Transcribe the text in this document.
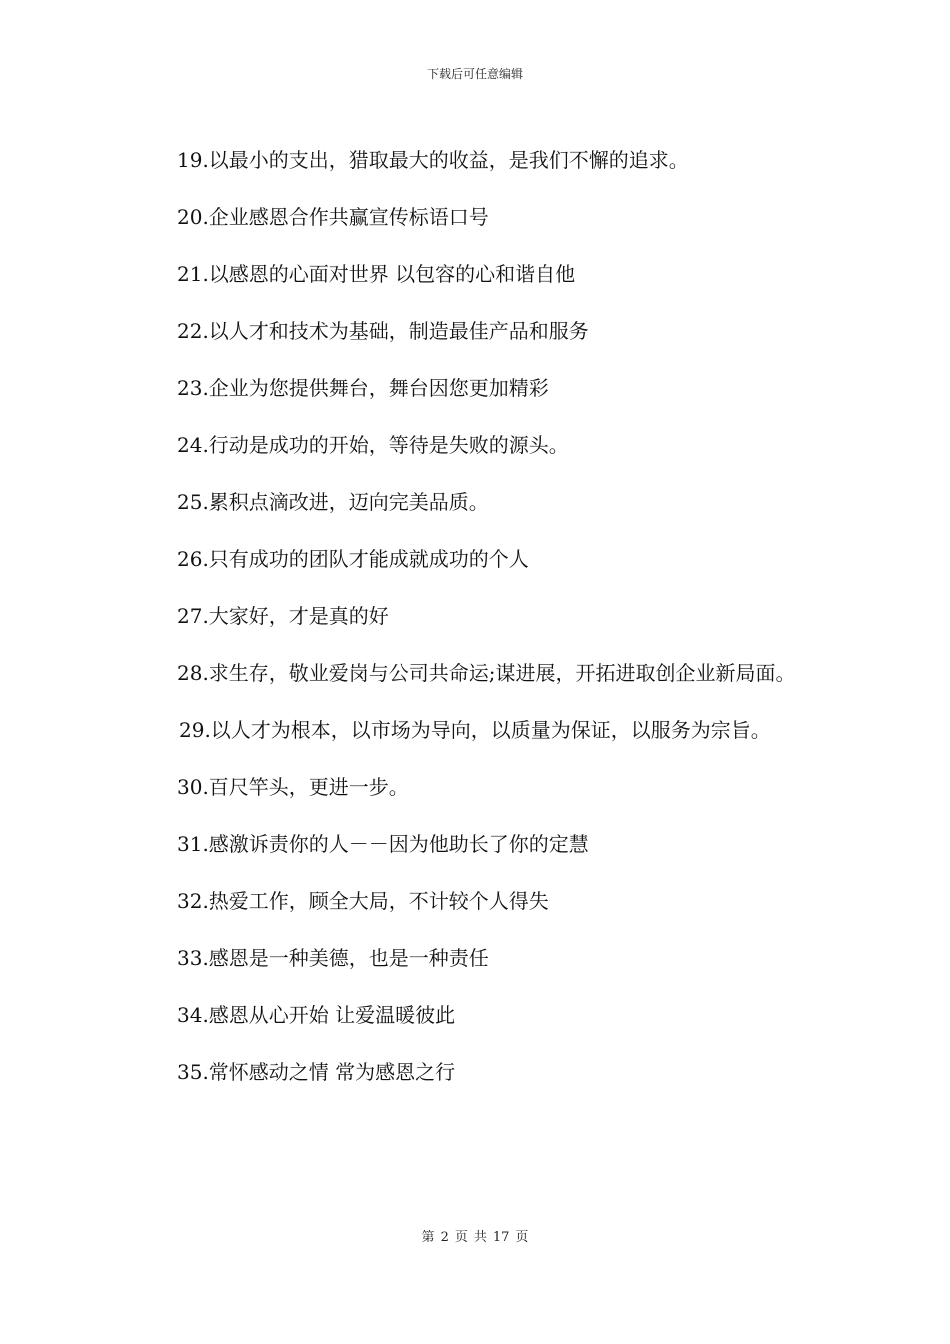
下载后可任意编辑
19.以最小的支出，猎取最大的收益，是我们不懈的追求。
20.企业感恩合作共赢宣传标语口号
21.以感恩的心面对世界 以包容的心和谐自他
22.以人才和技术为基础，制造最佳产品和服务
23.企业为您提供舞台，舞台因您更加精彩
24.行动是成功的开始，等待是失败的源头。
25.累积点滴改进，迈向完美品质。
26.只有成功的团队才能成就成功的个人
27.大家好，才是真的好
28.求生存，敬业爱岗与公司共命运;谋进展，开拓进取创企业新局面。
29.以人才为根本，以市场为导向，以质量为保证，以服务为宗旨。
30.百尺竿头，更进一步。
31.感激诉责你的人－－因为他助长了你的定慧
32.热爱工作，顾全大局，不计较个人得失
33.感恩是一种美德，也是一种责任
34.感恩从心开始 让爱温暖彼此
35.常怀感动之情 常为感恩之行
第 2 页 共 17 页
